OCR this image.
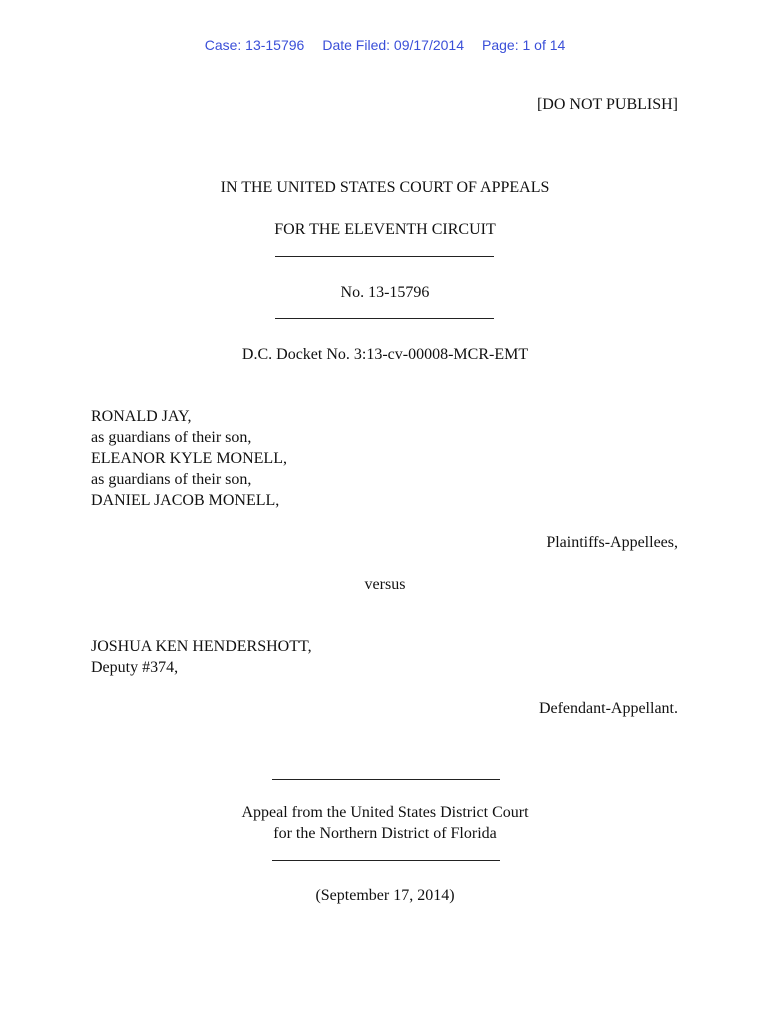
Case: 13-15796 Date Filed: 09/17/2014 Page: 1 of 14
[DO NOT PUBLISH]
IN THE UNITED STATES COURT OF APPEALS
FOR THE ELEVENTH CIRCUIT
No. 13-15796
D.C. Docket No. 3:13-cv-00008-MCR-EMT
RONALD JAY,
as guardians of their son,
ELEANOR KYLE MONELL,
as guardians of their son,
DANIEL JACOB MONELL,
Plaintiffs-Appellees,
versus
JOSHUA KEN HENDERSHOTT,
Deputy #374,
Defendant-Appellant.
Appeal from the United States District Court
for the Northern District of Florida
(September 17, 2014)
